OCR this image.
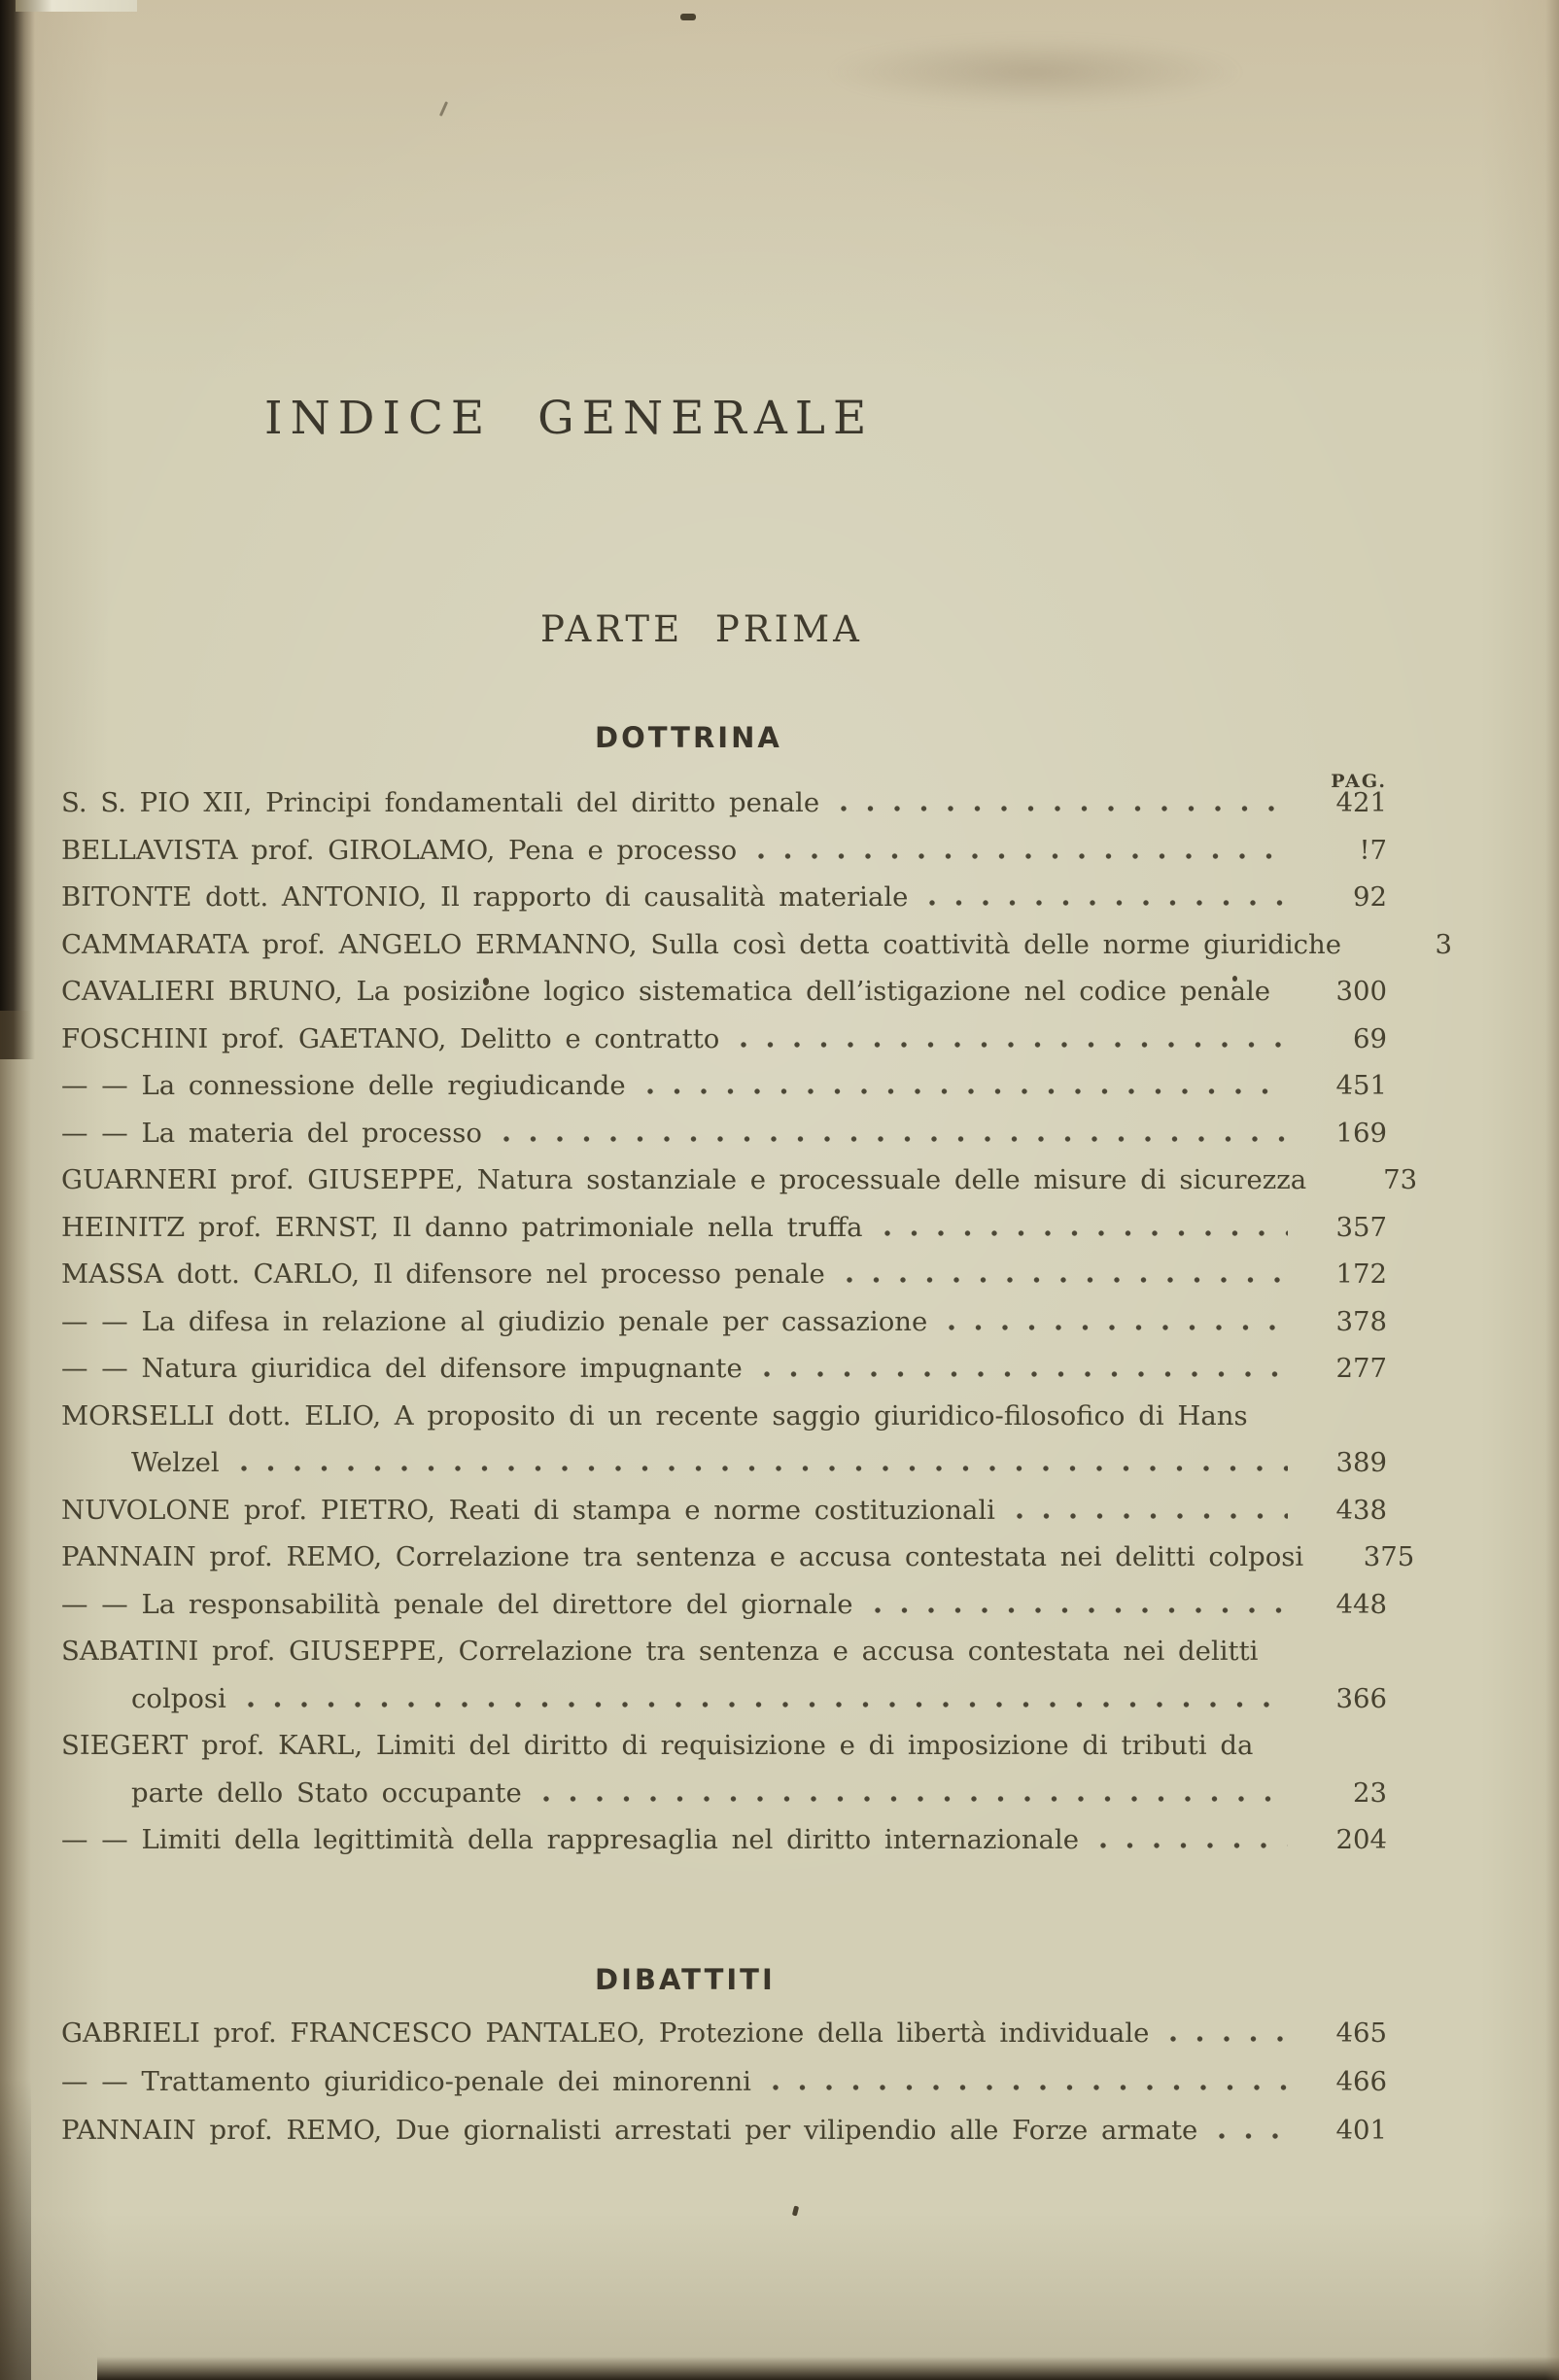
INDICE GENERALE
PARTE PRIMA
DOTTRINA
PAG.
S. S. PIO XII, Principi fondamentali del diritto penale	421
BELLAVISTA prof. GIROLAMO, Pena e processo	!7
BITONTE dott. ANTONIO, Il rapporto di causalità materiale	92
CAMMARATA prof. ANGELO ERMANNO, Sulla così detta coattività delle norme giuridiche	3
CAVALIERI BRUNO, La posizione logico sistematica dell’istigazione nel codice penale	300
FOSCHINI prof. GAETANO, Delitto e contratto	69
— — La connessione delle regiudicande	451
— — La materia del processo	169
GUARNERI prof. GIUSEPPE, Natura sostanziale e processuale delle misure di sicurezza	73
HEINITZ prof. ERNST, Il danno patrimoniale nella truffa	357
MASSA dott. CARLO, Il difensore nel processo penale	172
— — La difesa in relazione al giudizio penale per cassazione	378
— — Natura giuridica del difensore impugnante	277
MORSELLI dott. ELIO, A proposito di un recente saggio giuridico-filosofico di Hans
Welzel	389
NUVOLONE prof. PIETRO, Reati di stampa e norme costituzionali	438
PANNAIN prof. REMO, Correlazione tra sentenza e accusa contestata nei delitti colposi	375
— — La responsabilità penale del direttore del giornale	448
SABATINI prof. GIUSEPPE, Correlazione tra sentenza e accusa contestata nei delitti
colposi	366
SIEGERT prof. KARL, Limiti del diritto di requisizione e di imposizione di tributi da
parte dello Stato occupante	23
— — Limiti della legittimità della rappresaglia nel diritto internazionale	204
DIBATTITI
GABRIELI prof. FRANCESCO PANTALEO, Protezione della libertà individuale	465
— — Trattamento giuridico-penale dei minorenni	466
PANNAIN prof. REMO, Due giornalisti arrestati per vilipendio alle Forze armate	401
